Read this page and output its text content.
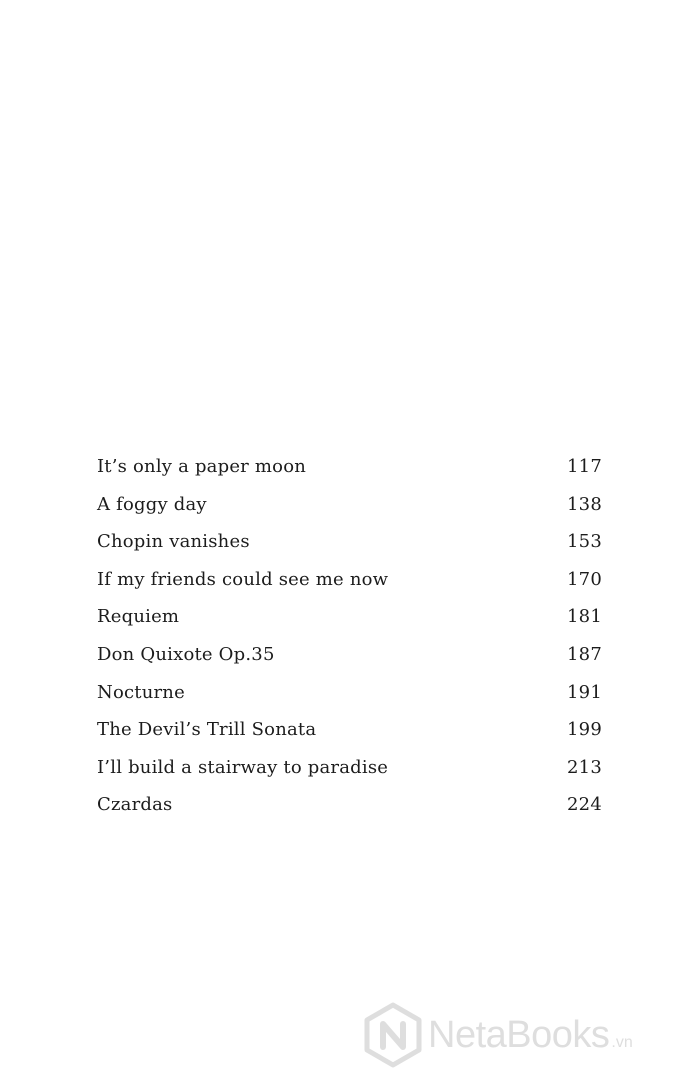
It’s only a paper moon	117
A foggy day	138
Chopin vanishes	153
If my friends could see me now	170
Requiem	181
Don Quixote Op.35	187
Nocturne	191
The Devil’s Trill Sonata	199
I’ll build a stairway to paradise	213
Czardas	224
NetaBooks .vn
